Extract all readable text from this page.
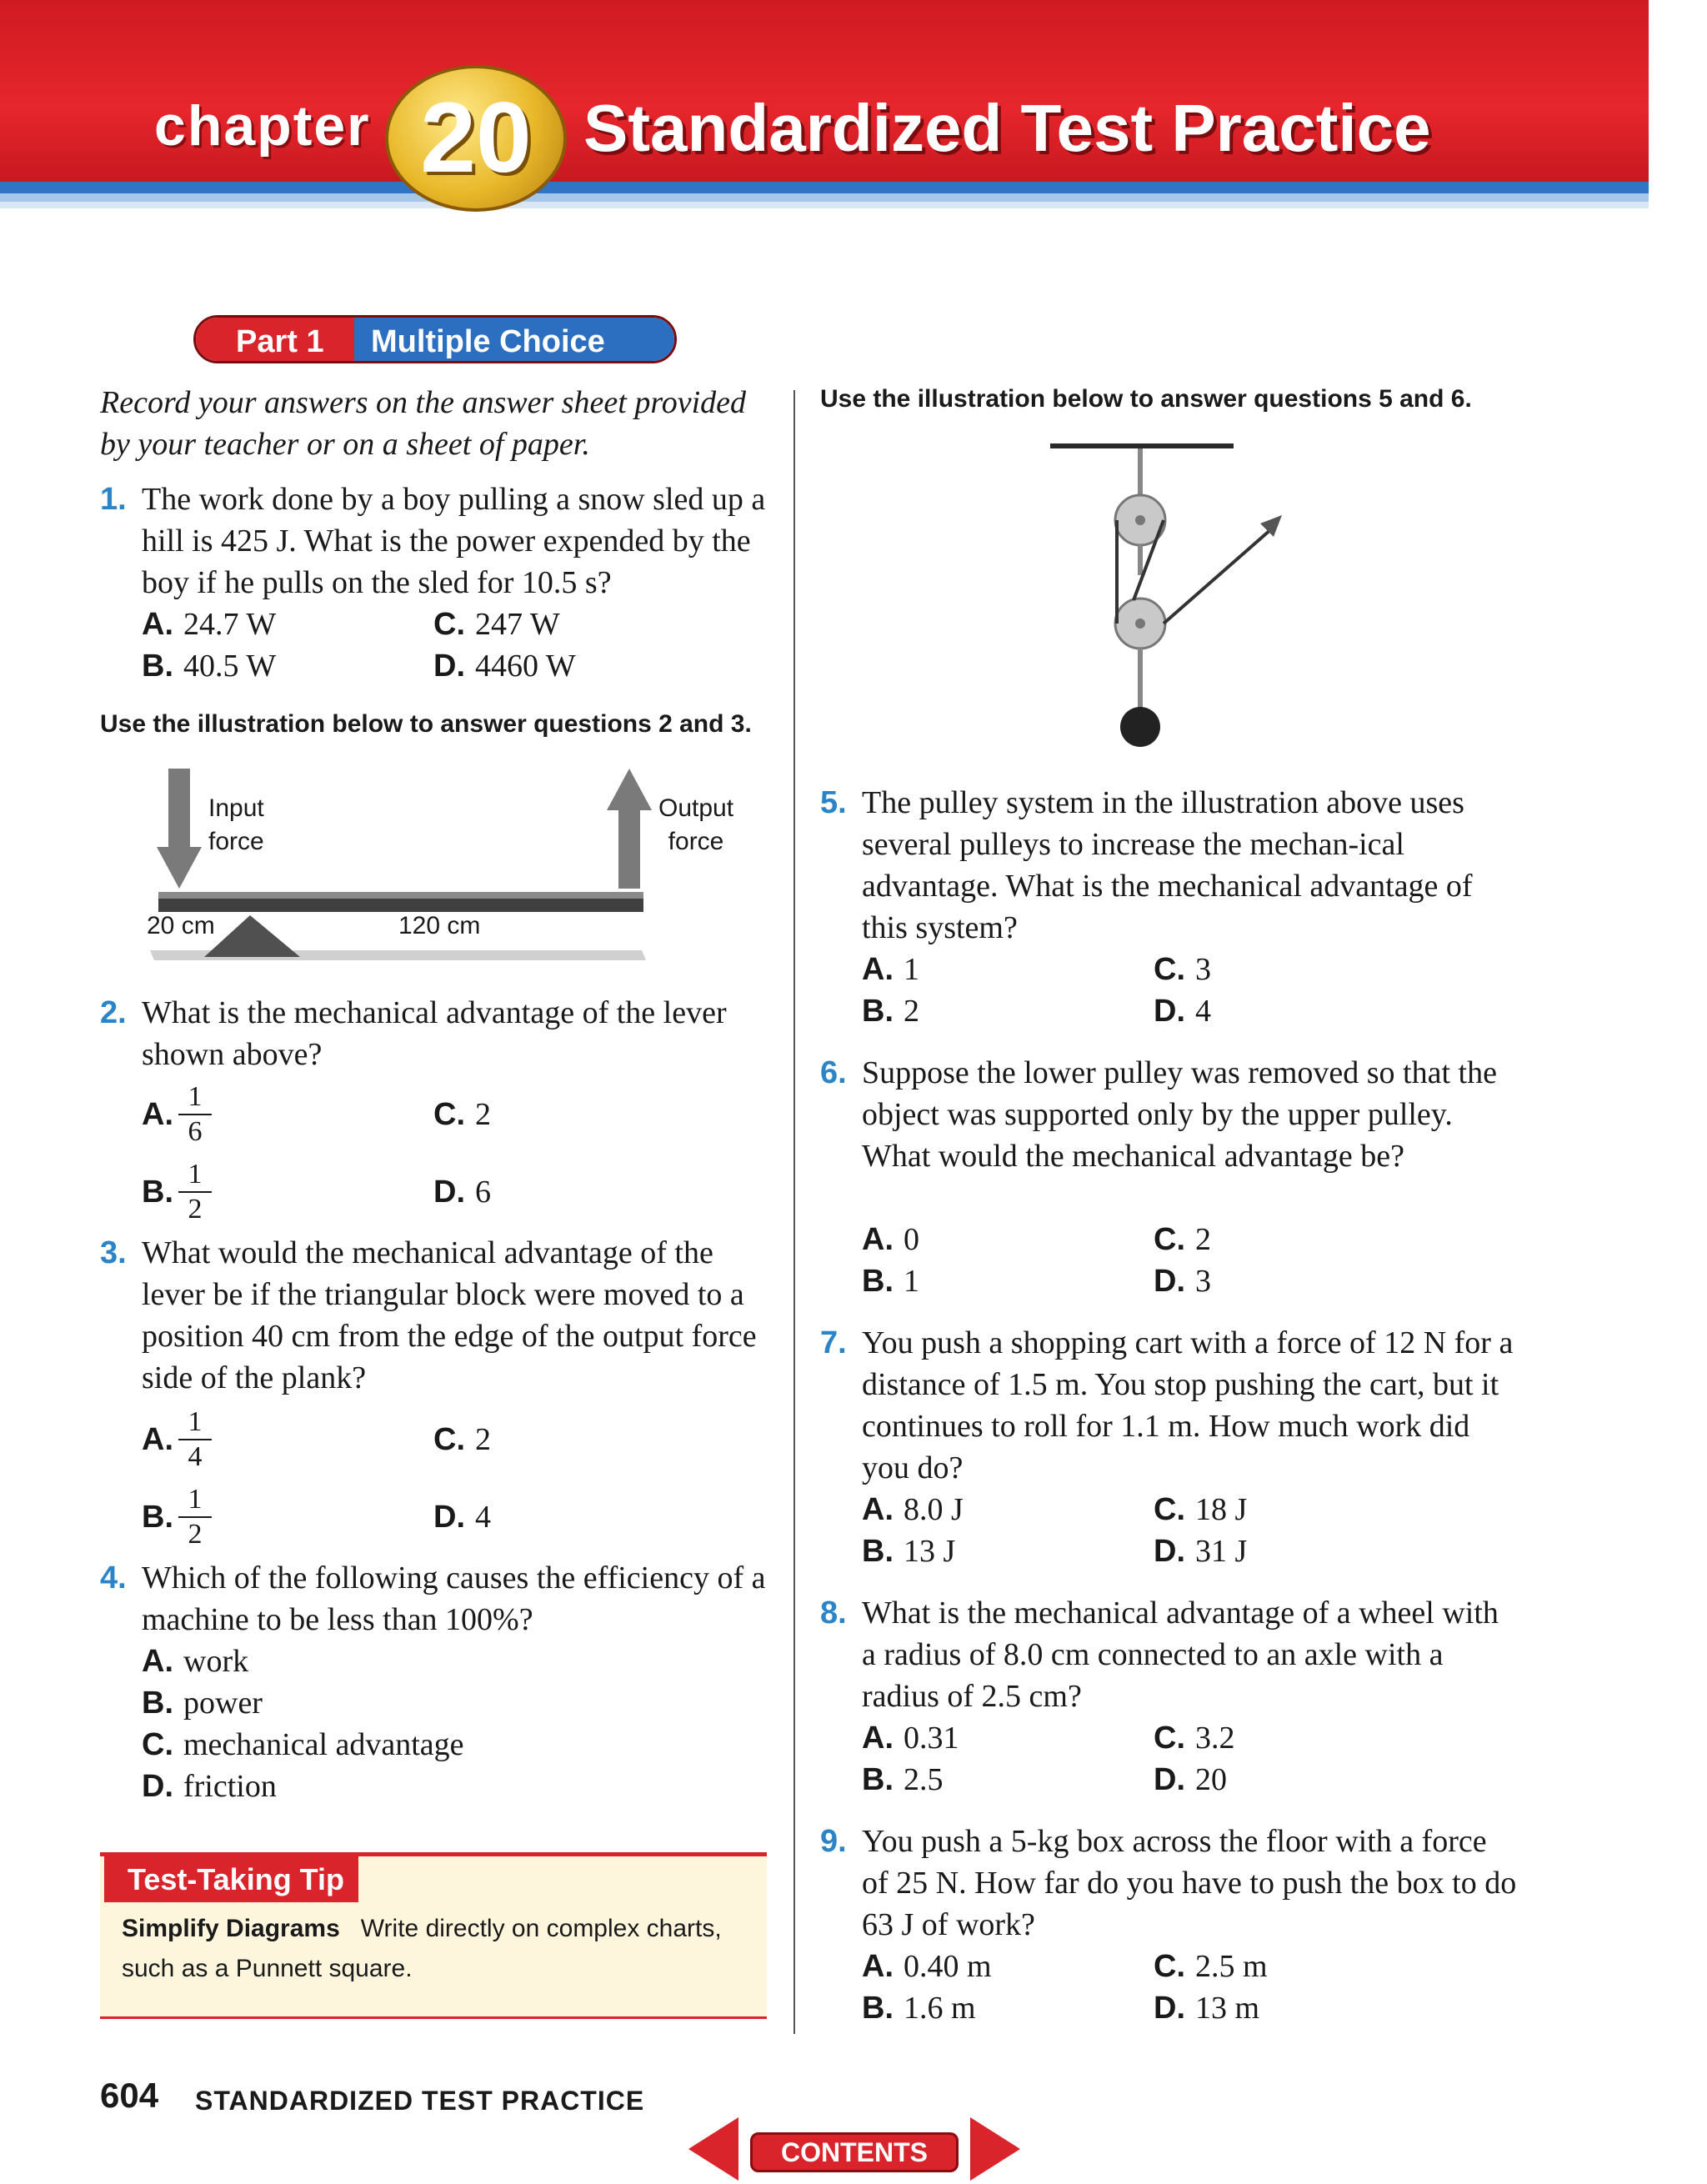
chapter 20 Standardized Test Practice
Part 1 Multiple Choice
Record your answers on the answer sheet provided by your teacher or on a sheet of paper.
1. The work done by a boy pulling a snow sled up a hill is 425 J. What is the power expended by the boy if he pulls on the sled for 10.5 s?
A. 24.7 W	C. 247 W
B. 40.5 W	D. 4460 W
Use the illustration below to answer questions 2 and 3.
Input
force
Output
force
20 cm	120 cm
2. What is the mechanical advantage of the lever shown above?
A. $\frac{1}{6}$	C. 2
B. $\frac{1}{2}$	D. 6
3. What would the mechanical advantage of the lever be if the triangular block were moved to a position 40 cm from the edge of the output force side of the plank?
A. $\frac{1}{4}$	C. 2
B. $\frac{1}{2}$	D. 4
4. Which of the following causes the efficiency of a machine to be less than 100%?
A. work
B. power
C. mechanical advantage
D. friction
Test-Taking Tip
Simplify Diagrams Write directly on complex charts, such as a Punnett square.
Use the illustration below to answer questions 5 and 6.
5. The pulley system in the illustration above uses several pulleys to increase the mechan-ical advantage. What is the mechanical advantage of this system?
A. 1	C. 3
B. 2	D. 4
6. Suppose the lower pulley was removed so that the object was supported only by the upper pulley. What would the mechanical advantage be?
A. 0	C. 2
B. 1	D. 3
7. You push a shopping cart with a force of 12 N for a distance of 1.5 m. You stop pushing the cart, but it continues to roll for 1.1 m. How much work did you do?
A. 8.0 J	C. 18 J
B. 13 J	D. 31 J
8. What is the mechanical advantage of a wheel with a radius of 8.0 cm connected to an axle with a radius of 2.5 cm?
A. 0.31	C. 3.2
B. 2.5	D. 20
9. You push a 5-kg box across the floor with a force of 25 N. How far do you have to push the box to do 63 J of work?
A. 0.40 m	C. 2.5 m
B. 1.6 m	D. 13 m
604 STANDARDIZED TEST PRACTICE
CONTENTS
